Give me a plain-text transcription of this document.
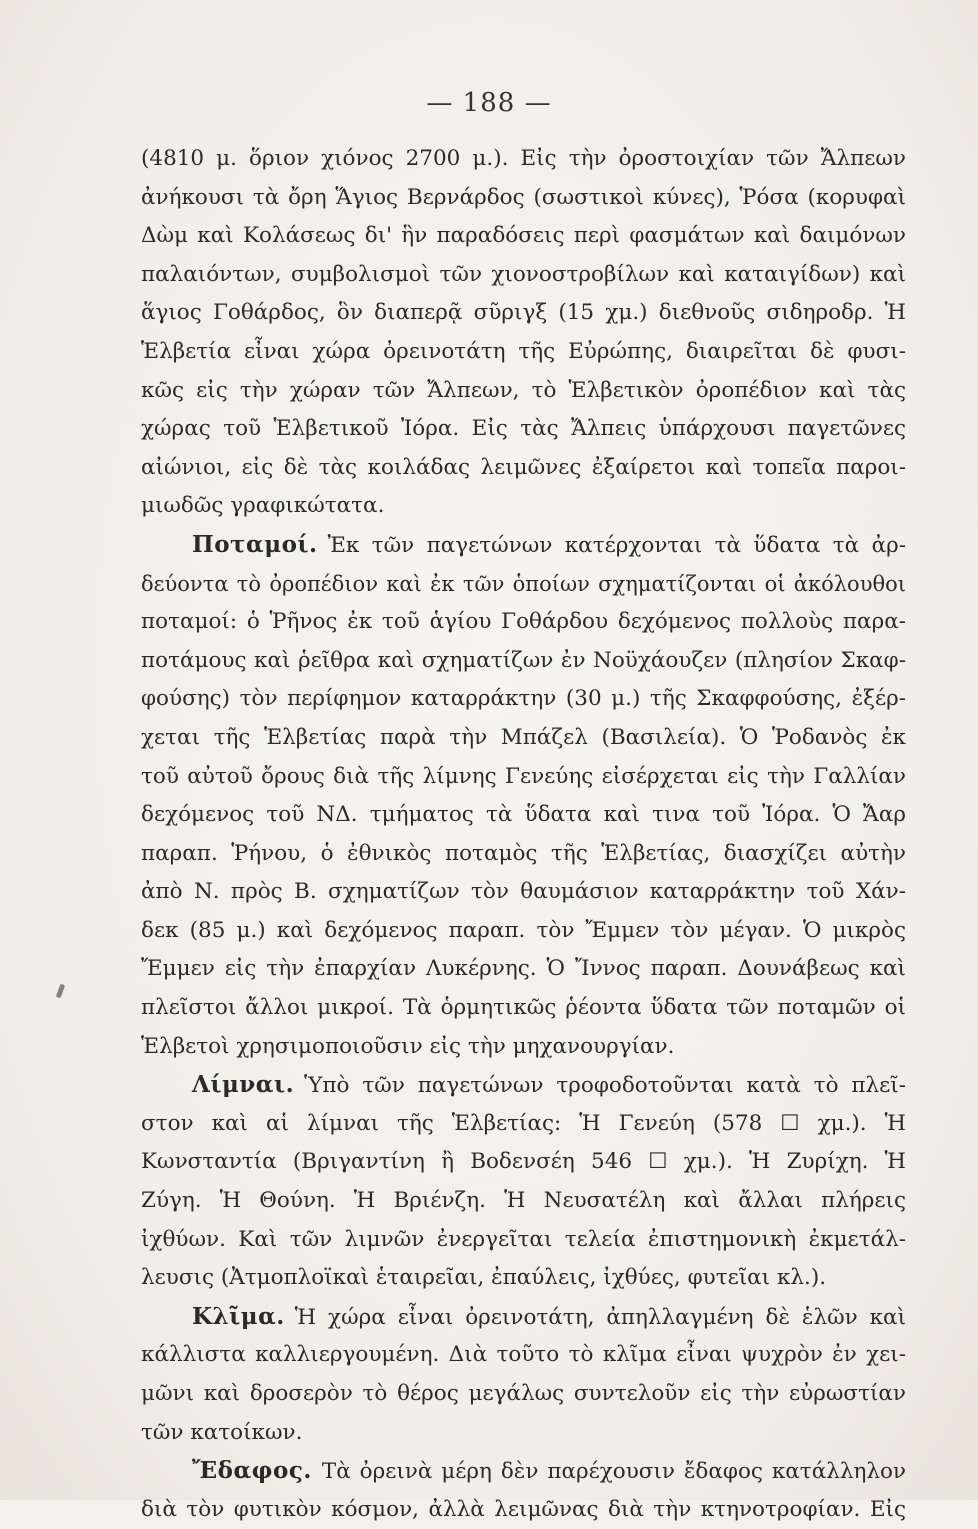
— 188 —
(4810 μ. ὅριον χιόνος 2700 μ.). Εἰς τὴν ὀροστοιχίαν τῶν Ἄλπεων
ἀνήκουσι τὰ ὄρη Ἅγιος Βερνάρδος (σωστικοὶ κύνες), Ῥόσα (κορυφαὶ
Δὼμ καὶ Κολάσεως δι' ἣν παραδόσεις περὶ φασμάτων καὶ δαιμόνων
παλαιόντων, συμβολισμοὶ τῶν χιονοστροβίλων καὶ καταιγίδων) καὶ
ἅγιος Γοθάρδος, ὃν διαπερᾷ σῦριγξ (15 χμ.) διεθνοῦς σιδηροδρ. Ἡ
Ἑλβετία εἶναι χώρα ὀρεινοτάτη τῆς Εὐρώπης, διαιρεῖται δὲ φυσι-
κῶς εἰς τὴν χώραν τῶν Ἄλπεων, τὸ Ἑλβετικὸν ὀροπέδιον καὶ τὰς
χώρας τοῦ Ἑλβετικοῦ Ἰόρα. Εἰς τὰς Ἄλπεις ὑπάρχουσι παγετῶνες
αἰώνιοι, εἰς δὲ τὰς κοιλάδας λειμῶνες ἐξαίρετοι καὶ τοπεῖα παροι-
μιωδῶς γραφικώτατα.
Ποταμοί. Ἐκ τῶν παγετώνων κατέρχονται τὰ ὕδατα τὰ ἀρ-
δεύοντα τὸ ὀροπέδιον καὶ ἐκ τῶν ὁποίων σχηματίζονται οἱ ἀκόλουθοι
ποταμοί: ὁ Ῥῆνος ἐκ τοῦ ἁγίου Γοθάρδου δεχόμενος πολλοὺς παρα-
ποτάμους καὶ ῥεῖθρα καὶ σχηματίζων ἐν Νοϋχάουζεν (πλησίον Σκαφ-
φούσης) τὸν περίφημον καταρράκτην (30 μ.) τῆς Σκαφφούσης, ἐξέρ-
χεται τῆς Ἑλβετίας παρὰ τὴν Μπάζελ (Βασιλεία). Ὁ Ῥοδανὸς ἐκ
τοῦ αὐτοῦ ὄρους διὰ τῆς λίμνης Γενεύης εἰσέρχεται εἰς τὴν Γαλλίαν
δεχόμενος τοῦ ΝΔ. τμήματος τὰ ὕδατα καὶ τινα τοῦ Ἰόρα. Ὁ Ἄαρ
παραπ. Ῥήνου, ὁ ἐθνικὸς ποταμὸς τῆς Ἑλβετίας, διασχίζει αὐτὴν
ἀπὸ Ν. πρὸς Β. σχηματίζων τὸν θαυμάσιον καταρράκτην τοῦ Χάν-
δεκ (85 μ.) καὶ δεχόμενος παραπ. τὸν Ἔμμεν τὸν μέγαν. Ὁ μικρὸς
Ἔμμεν εἰς τὴν ἐπαρχίαν Λυκέρνης. Ὁ Ἴννος παραπ. Δουνάβεως καὶ
πλεῖστοι ἄλλοι μικροί. Τὰ ὁρμητικῶς ῥέοντα ὕδατα τῶν ποταμῶν οἱ
Ἑλβετοὶ χρησιμοποιοῦσιν εἰς τὴν μηχανουργίαν.
Λίμναι. Ὑπὸ τῶν παγετώνων τροφοδοτοῦνται κατὰ τὸ πλεῖ-
στον καὶ αἱ λίμναι τῆς Ἑλβετίας: Ἡ Γενεύη (578 ☐ χμ.). Ἡ
Κωνσταντία (Βριγαντίνη ἢ Βοδενσέη 546 ☐ χμ.). Ἡ Ζυρίχη. Ἡ
Ζύγη. Ἡ Θούνη. Ἡ Βριένζη. Ἡ Νευσατέλη καὶ ἄλλαι πλήρεις
ἰχθύων. Καὶ τῶν λιμνῶν ἐνεργεῖται τελεία ἐπιστημονικὴ ἐκμετάλ-
λευσις (Ἀτμοπλοϊκαὶ ἑταιρεῖαι, ἐπαύλεις, ἰχθύες, φυτεῖαι κλ.).
Κλῖμα. Ἡ χώρα εἶναι ὀρεινοτάτη, ἀπηλλαγμένη δὲ ἑλῶν καὶ
κάλλιστα καλλιεργουμένη. Διὰ τοῦτο τὸ κλῖμα εἶναι ψυχρὸν ἐν χει-
μῶνι καὶ δροσερὸν τὸ θέρος μεγάλως συντελοῦν εἰς τὴν εὐρωστίαν
τῶν κατοίκων.
Ἔδαφος. Τὰ ὀρεινὰ μέρη δὲν παρέχουσιν ἔδαφος κατάλληλον
διὰ τὸν φυτικὸν κόσμον, ἀλλὰ λειμῶνας διὰ τὴν κτηνοτροφίαν. Εἰς
